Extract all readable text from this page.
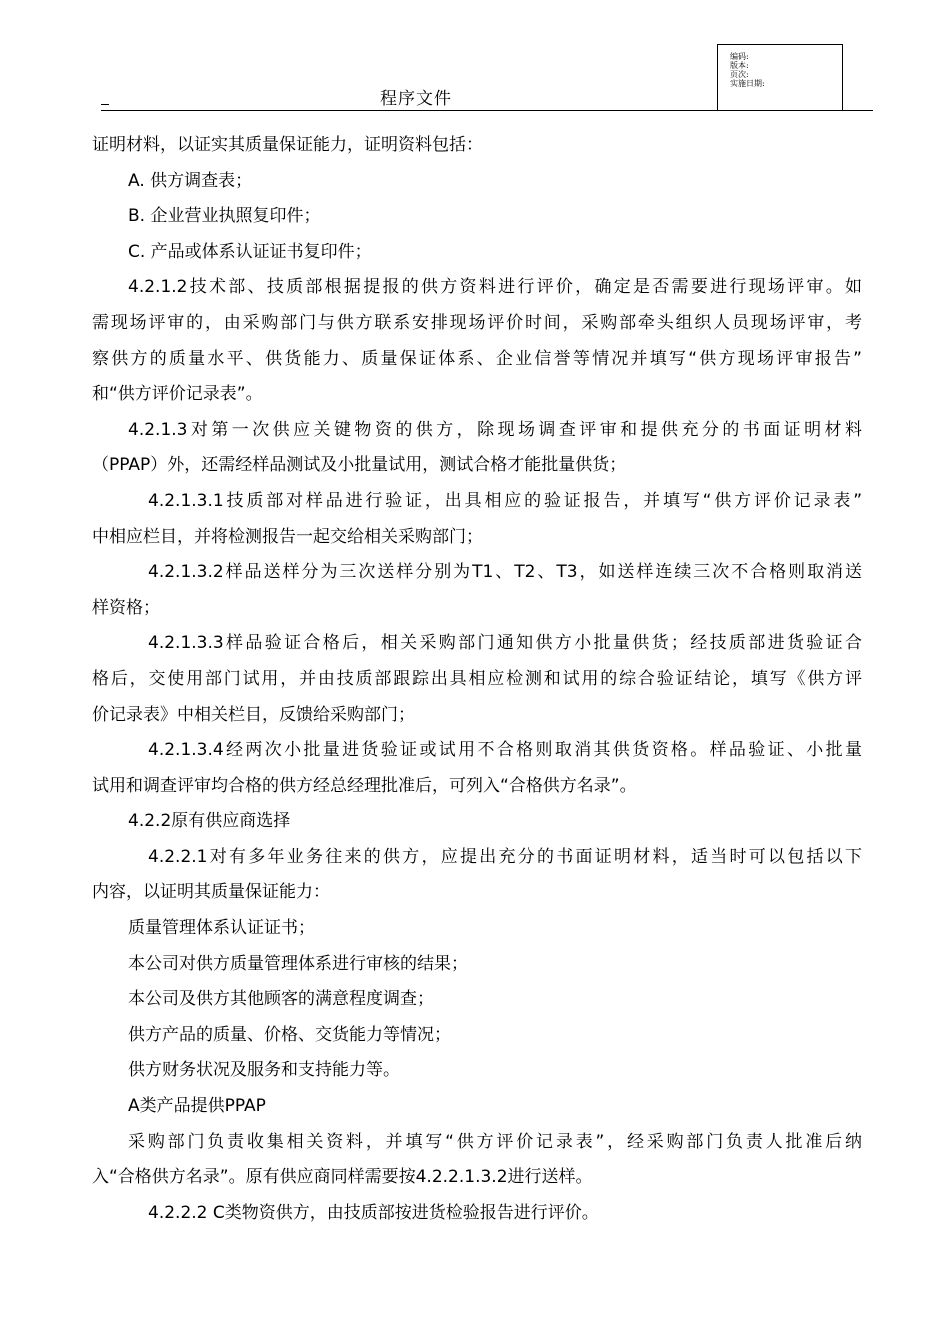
编码:
版本:
页次:
实施日期:
程序文件
证明材料，以证实其质量保证能力，证明资料包括：
A. 供方调查表；
B. 企业营业执照复印件；
C. 产品或体系认证证书复印件；
4.2.1.2技术部、技质部根据提报的供方资料进行评价，确定是否需要进行现场评审。如
需现场评审的，由采购部门与供方联系安排现场评价时间，采购部牵头组织人员现场评审，考
察供方的质量水平、供货能力、质量保证体系、企业信誉等情况并填写“供方现场评审报告”
和“供方评价记录表”。
4.2.1.3对第一次供应关键物资的供方，除现场调查评审和提供充分的书面证明材料
（PPAP）外，还需经样品测试及小批量试用，测试合格才能批量供货；
4.2.1.3.1技质部对样品进行验证，出具相应的验证报告，并填写“供方评价记录表”
中相应栏目，并将检测报告一起交给相关采购部门；
4.2.1.3.2样品送样分为三次送样分别为T1、T2、T3，如送样连续三次不合格则取消送
样资格；
4.2.1.3.3样品验证合格后，相关采购部门通知供方小批量供货；经技质部进货验证合
格后，交使用部门试用，并由技质部跟踪出具相应检测和试用的综合验证结论，填写《供方评
价记录表》中相关栏目，反馈给采购部门；
4.2.1.3.4经两次小批量进货验证或试用不合格则取消其供货资格。样品验证、小批量
试用和调查评审均合格的供方经总经理批准后，可列入“合格供方名录”。
4.2.2原有供应商选择
4.2.2.1对有多年业务往来的供方，应提出充分的书面证明材料，适当时可以包括以下
内容，以证明其质量保证能力：
质量管理体系认证证书；
本公司对供方质量管理体系进行审核的结果；
本公司及供方其他顾客的满意程度调查；
供方产品的质量、价格、交货能力等情况；
供方财务状况及服务和支持能力等。
A类产品提供PPAP
采购部门负责收集相关资料，并填写“供方评价记录表”，经采购部门负责人批准后纳
入“合格供方名录”。原有供应商同样需要按4.2.2.1.3.2进行送样。
4.2.2.2 C类物资供方，由技质部按进货检验报告进行评价。
